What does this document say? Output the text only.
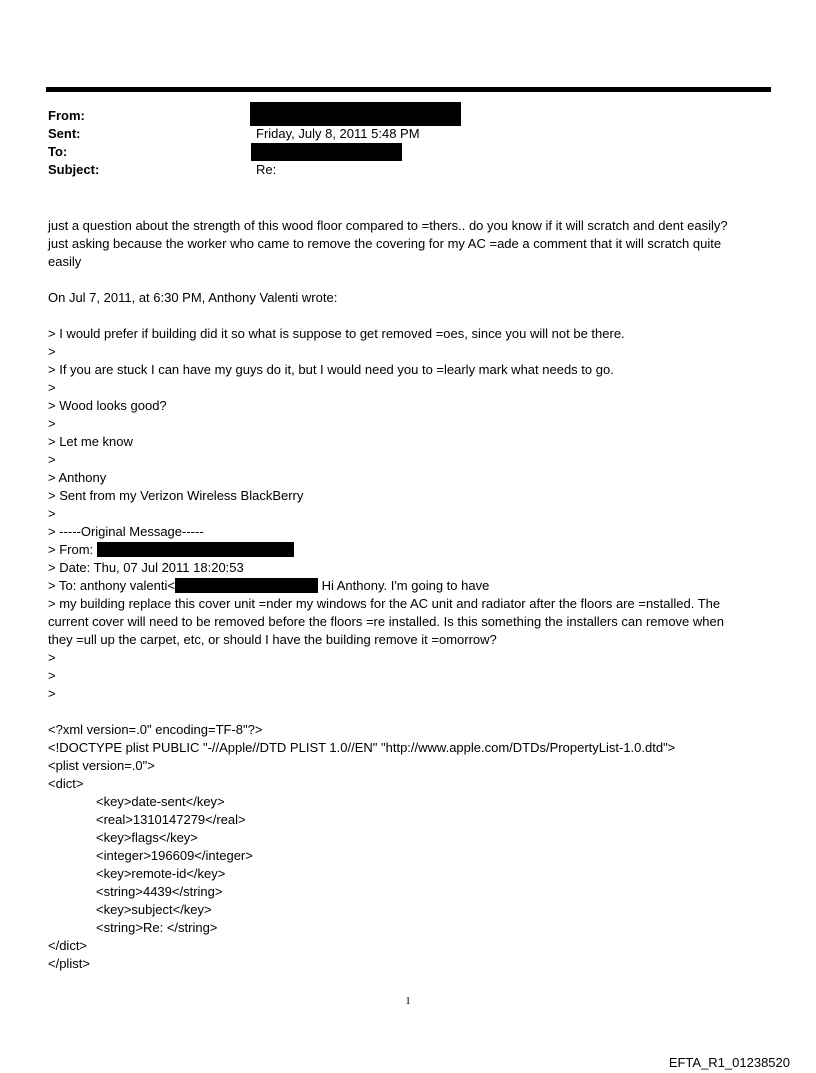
From:
Sent:	Friday, July 8, 2011 5:48 PM
To:
Subject:	Re:

just a question about the strength of this wood floor compared to =thers.. do you know if it will scratch and dent easily?

just asking because the worker who came to remove the covering for my AC =ade a comment that it will scratch quite

easily

On Jul 7, 2011, at 6:30 PM, Anthony Valenti wrote:

> I would prefer if building did it so what is suppose to get removed =oes, since you will not be there.

>

> If you are stuck I can have my guys do it, but I would need you to =learly mark what needs to go.

>

> Wood looks good?

>

> Let me know

>

> Anthony

> Sent from my Verizon Wireless BlackBerry

>

> -----Original Message-----

> From:

> Date: Thu, 07 Jul 2011 18:20:53

> To: anthony valenti<	Hi Anthony. I'm going to have

> my building replace this cover unit =nder my windows for the AC unit and radiator after the floors are =nstalled. The

current cover will need to be removed before the floors =re installed. Is this something the installers can remove when

they =ull up the carpet, etc, or should I have the building remove it =omorrow?

>

>

>

<?xml version=.0" encoding=TF-8"?>

<!DOCTYPE plist PUBLIC "-//Apple//DTD PLIST 1.0//EN" "http://www.apple.com/DTDs/PropertyList-1.0.dtd">

<plist version=.0">

<dict>

<key>date-sent</key>

<real>1310147279</real>

<key>flags</key>

<integer>196609</integer>

<key>remote-id</key>

<string>4439</string>

<key>subject</key>

<string>Re: </string>

</dict>

</plist>

1
EFTA_R1_01238520
